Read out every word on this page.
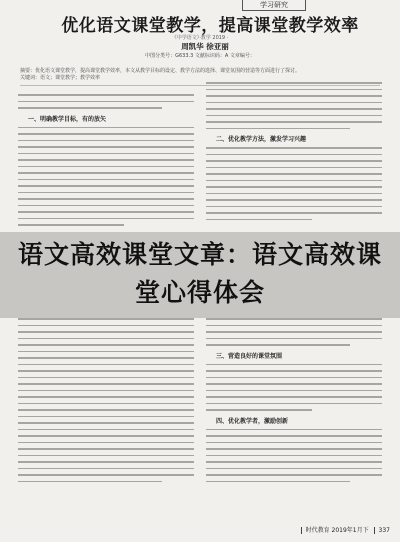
学习研究
优化语文课堂教学，提高课堂教学效率
《中学语文》·教学 2019 ·
周凯华 徐亚丽
中图分类号：G633.3 文献标识码：A 文章编号：
摘要：优化语文课堂教学，提高课堂教学效率，本文从教学目标的设定、教学方法的选择、课堂氛围的营造等方面进行了探讨。
关键词：语文；课堂教学；教学效率
一、明确教学目标，有的放矢
二、优化教学方法，激发学习兴趣
三、营造良好的课堂氛围
四、优化教学者，激励创新
语文高效课堂文章：语文高效课堂心得体会
时代教育 2019年1月下 337
